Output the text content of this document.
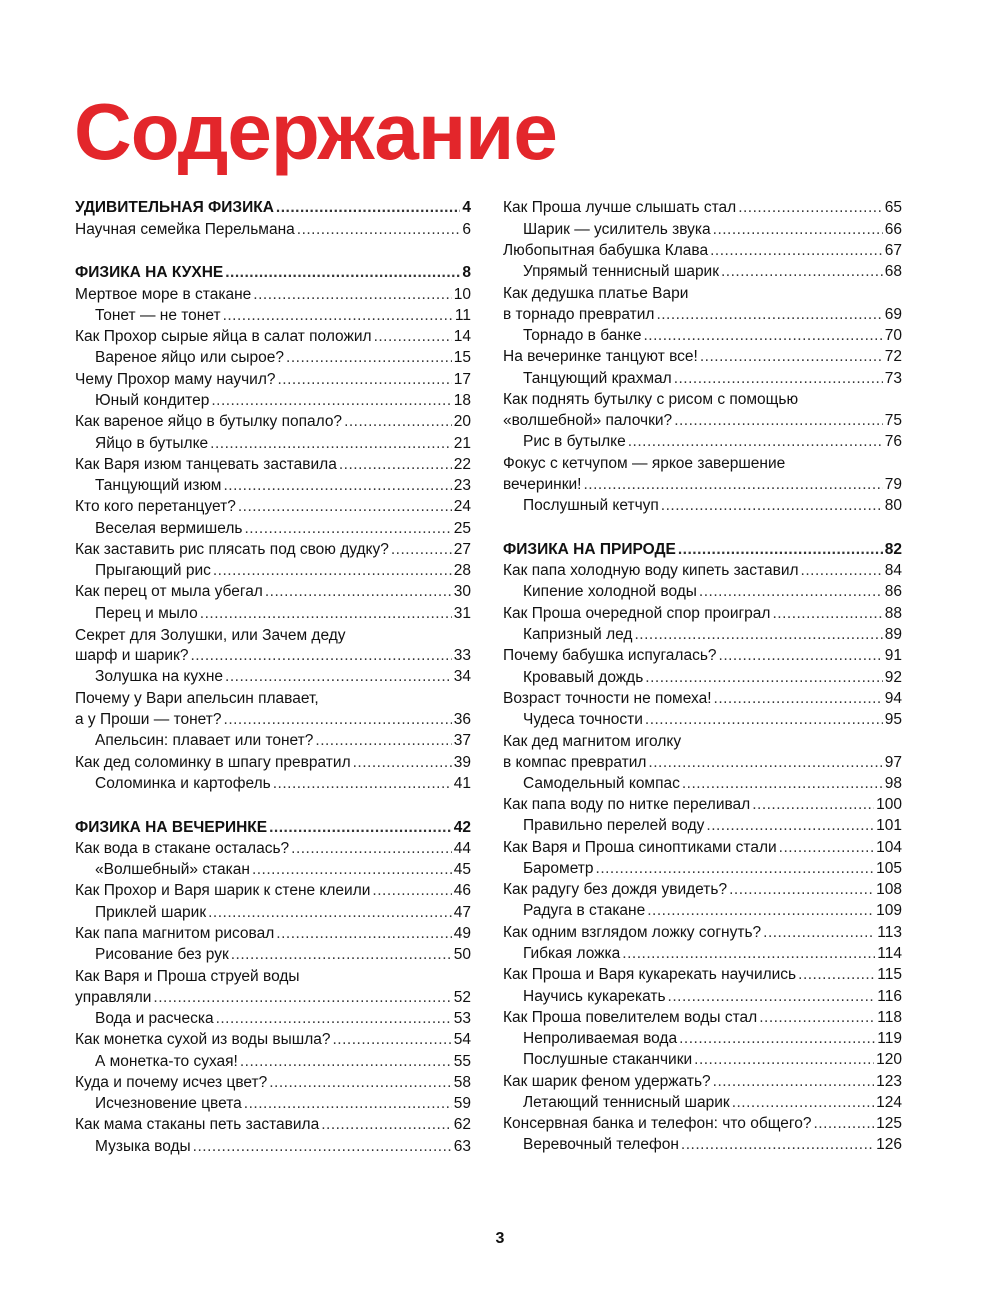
Содержание
УДИВИТЕЛЬНАЯ ФИЗИКА .....	4
Научная семейка Перельмана .....	6
ФИЗИКА НА КУХНЕ .....	8
Мертвое море в стакане .....	10
Тонет — не тонет .....	11
Как Прохор сырые яйца в салат положил .....	14
Вареное яйцо или сырое? .....	15
Чему Прохор маму научил? .....	17
Юный кондитер .....	18
Как вареное яйцо в бутылку попало? .....	20
Яйцо в бутылке .....	21
Как Варя изюм танцевать заставила .....	22
Танцующий изюм .....	23
Кто кого перетанцует? .....	24
Веселая вермишель .....	25
Как заставить рис плясать под свою дудку? .....	27
Прыгающий рис .....	28
Как перец от мыла убегал .....	30
Перец и мыло .....	31
Секрет для Золушки, или Зачем деду
шарф и шарик? .....	33
Золушка на кухне .....	34
Почему у Вари апельсин плавает,
а у Проши — тонет? .....	36
Апельсин: плавает или тонет? .....	37
Как дед соломинку в шпагу превратил .....	39
Соломинка и картофель .....	41
ФИЗИКА НА ВЕЧЕРИНКЕ .....	42
Как вода в стакане осталась? .....	44
«Волшебный» стакан .....	45
Как Прохор и Варя шарик к стене клеили .....	46
Приклей шарик .....	47
Как папа магнитом рисовал .....	49
Рисование без рук .....	50
Как Варя и Проша струей воды
управляли .....	52
Вода и расческа .....	53
Как монетка сухой из воды вышла? .....	54
А монетка-то сухая! .....	55
Куда и почему исчез цвет? .....	58
Исчезновение цвета .....	59
Как мама стаканы петь заставила .....	62
Музыка воды .....	63
Как Проша лучше слышать стал .....	65
Шарик — усилитель звука .....	66
Любопытная бабушка Клава .....	67
Упрямый теннисный шарик .....	68
Как дедушка платье Вари
в торнадо превратил .....	69
Торнадо в банке .....	70
На вечеринке танцуют все! .....	72
Танцующий крахмал .....	73
Как поднять бутылку с рисом с помощью
«волшебной» палочки? .....	75
Рис в бутылке .....	76
Фокус с кетчупом — яркое завершение
вечеринки! .....	79
Послушный кетчуп .....	80
ФИЗИКА НА ПРИРОДЕ .....	82
Как папа холодную воду кипеть заставил .....	84
Кипение холодной воды .....	86
Как Проша очередной спор проиграл .....	88
Капризный лед .....	89
Почему бабушка испугалась? .....	91
Кровавый дождь .....	92
Возраст точности не помеха! .....	94
Чудеса точности .....	95
Как дед магнитом иголку
в компас превратил .....	97
Самодельный компас .....	98
Как папа воду по нитке переливал .....	100
Правильно перелей воду .....	101
Как Варя и Проша синоптиками стали .....	104
Барометр .....	105
Как радугу без дождя увидеть? .....	108
Радуга в стакане .....	109
Как одним взглядом ложку согнуть? .....	113
Гибкая ложка .....	114
Как Проша и Варя кукарекать научились .....	115
Научись кукарекать .....	116
Как Проша повелителем воды стал .....	118
Непроливаемая вода .....	119
Послушные стаканчики .....	120
Как шарик феном удержать? .....	123
Летающий теннисный шарик .....	124
Консервная банка и телефон: что общего? .....	125
Веревочный телефон .....	126
3
